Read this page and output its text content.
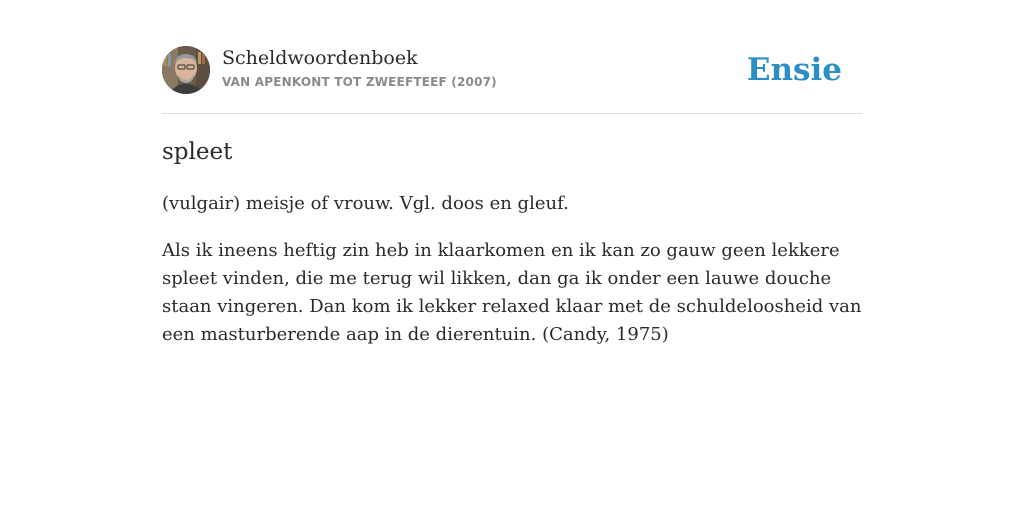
Scheldwoordenboek
VAN APENKONT TOT ZWEEFTEEF (2007)	Ensie
spleet

(vulgair) meisje of vrouw. Vgl. doos en gleuf.

Als ik ineens heftig zin heb in klaarkomen en ik kan zo gauw geen lekkere spleet vinden, die me terug wil likken, dan ga ik onder een lauwe douche staan vingeren. Dan kom ik lekker relaxed klaar met de schuldeloosheid van een masturberende aap in de dierentuin. (Candy, 1975)
